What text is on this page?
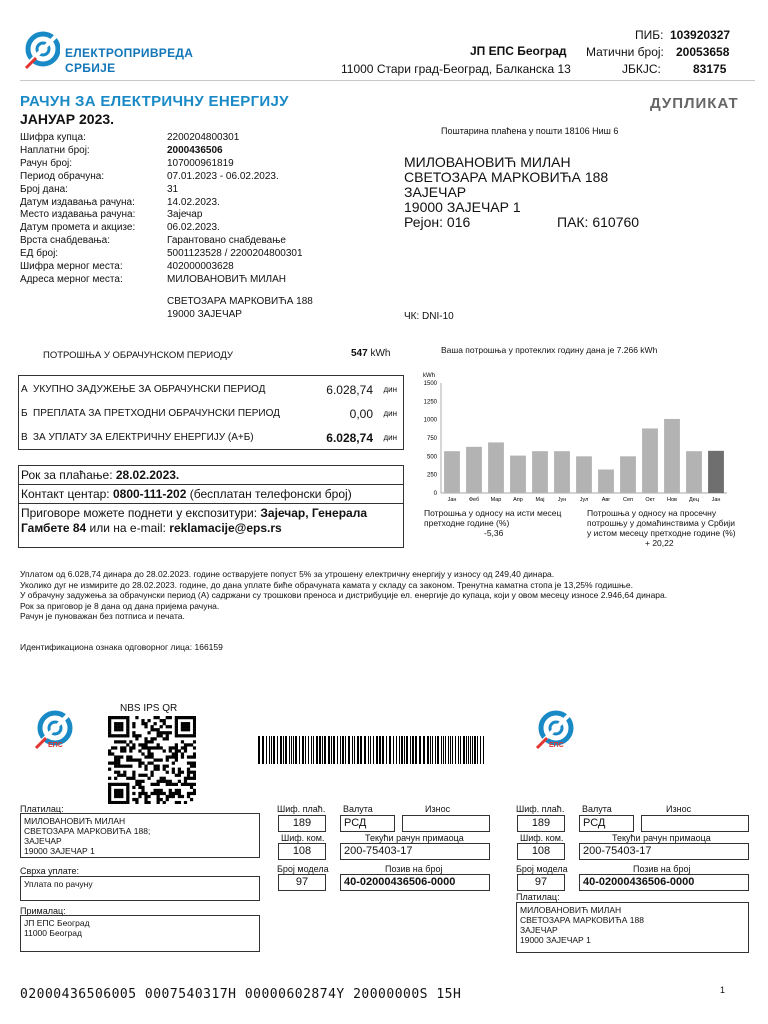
ЕЛЕКТРОПРИВРЕДА
СРБИЈЕ
ЈП ЕПС Београд
11000 Стари град-Београд, Балканска 13
ПИБ: 103920327
Матични број: 20053658
ЈБКЈС:	83175
РАЧУН ЗА ЕЛЕКТРИЧНУ ЕНЕРГИЈУ	ДУПЛИКАТ
ЈАНУАР 2023.
Шифра купца:	2200204800301
Наплатни број:	2000436506
Рачун број:	107000961819
Период обрачуна:	07.01.2023 - 06.02.2023.
Број дана:	31
Датум издавања рачуна:	14.02.2023.
Место издавања рачуна:	Зајечар
Датум промета и акцизе:	06.02.2023.
Врста снабдевања:	Гарантовано снабдевање
ЕД број:	5001123528 / 2200204800301
Шифра мерног места:	402000003628
Адреса мерног места:	МИЛОВАНОВИЋ МИЛАН
СВЕТОЗАРА МАРКОВИЋА 188
19000 ЗАЈЕЧАР
Поштарина плаћена у пошти 18106 Ниш 6
МИЛОВАНОВИЋ МИЛАН
СВЕТОЗАРА МАРКОВИЋА 188
ЗАЈЕЧАР
19000 ЗАЈЕЧАР 1
Рејон: 016	ПАК: 610760
ЧК: DNI-10
ПОТРОШЊА У ОБРАЧУНСКОМ ПЕРИОДУ	547 kWh	Ваша потрошња у протеклих годину дана је 7.266 kWh
А УКУПНО ЗАДУЖЕЊЕ ЗА ОБРАЧУНСКИ ПЕРИОД	6.028,74 дин
Б ПРЕПЛАТА ЗА ПРЕТХОДНИ ОБРАЧУНСКИ ПЕРИОД	0,00 дин
В ЗА УПЛАТУ ЗА ЕЛЕКТРИЧНУ ЕНЕРГИЈУ (А+Б)	6.028,74 дин
Рок за плаћање: 28.02.2023.
Контакт центар: 0800-111-202 (бесплатан телефонски број)
Приговоре можете поднети у експозитури: Зајечар, Генерала
Гамбете 84 или на e-mail: reklamacije@eps.rs
kWh
0
250
500
750
1000
1250
1500
Јан Феб Мар Апр Мај Јун Јул Авг Сеп Окт Нов Дец Јан
Потрошња у односу на исти месец претходне године (%)
-5,36
Потрошња у односу на просечну потрошњу у домаћинствима у Србији у истом месецу претходне године (%)
+ 20,22
Уплатом од 6.028,74 динара до 28.02.2023. године остварујете попуст 5% за утрошену електричну енергију у износу од 249,40 динара.
Уколико дуг не измирите до 28.02.2023. године, до дана уплате биће обрачуната камата у складу са законом. Тренутна каматна стопа је 13,25% годишње.
У обрачуну задужења за обрачунски период (А) садржани су трошкови преноса и дистрибуције ел. енергије до купаца, који у овом месецу износе 2.946,64 динара.
Рок за приговор је 8 дана од дана пријема рачуна.
Рачун је пуноважан без потписа и печата.
Идентификациона ознака одговорног лица: 166159
ЕПС	ЕПС
NBS IPS QR
Платилац:
МИЛОВАНОВИЋ МИЛАН
СВЕТОЗАРА МАРКОВИЋА 188;
ЗАЈЕЧАР
19000 ЗАЈЕЧАР 1
Сврха уплате:
Уплата по рачуну
Прималац:
ЈП ЕПС Београд
11000 Београд
Шиф. плаћ.
189
Валута
РСД
Износ
Шиф. ком.
108
Текући рачун примаоца
200-75403-17
Број модела
97
Позив на број
40-02000436506-0000
Шиф. плаћ.
189
Валута
РСД
Износ
Шиф. ком.
108
Текући рачун примаоца
200-75403-17
Број модела
97
Позив на број
40-02000436506-0000
Платилац:
МИЛОВАНОВИЋ МИЛАН
СВЕТОЗАРА МАРКОВИЋА 188
ЗАЈЕЧАР
19000 ЗАЈЕЧАР 1
02000436506005 0007540317H 00000602874Y 20000000S 15H	1
